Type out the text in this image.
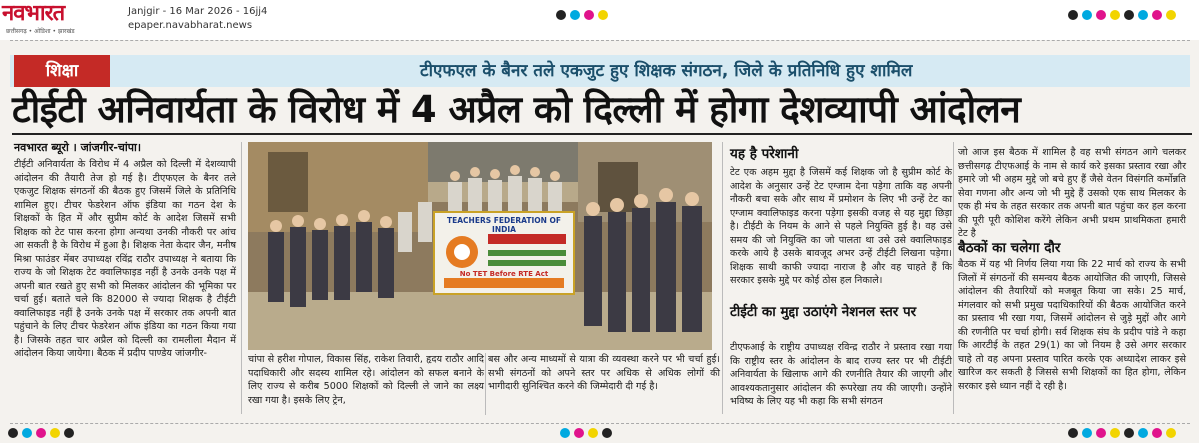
नवभारत
छत्तीसगढ़ • ओडिशा • झारखंड
Janjgir - 16 Mar 2026 - 16jj4
epaper.navabharat.news
शिक्षा	टीएफएल के बैनर तले एकजुट हुए शिक्षक संगठन, जिले के प्रतिनिधि हुए शामिल
टीईटी अनिवार्यता के विरोध में 4 अप्रैल को दिल्ली में होगा देशव्यापी आंदोलन
नवभारत ब्यूरो । जांजगीर-चांपा।
टीईटी अनिवार्यता के विरोध में 4 अप्रैल को दिल्ली में देशव्यापी आंदोलन की तैयारी तेज हो गई है। टीएफएल के बैनर तले एकजुट शिक्षक संगठनों की बैठक हुए जिसमें जिले के प्रतिनिधि शामिल हुए। टीचर फेडरेशन ऑफ इंडिया का गठन देश के शिक्षकों के हित में और सुप्रीम कोर्ट के आदेश जिसमें सभी शिक्षक को टेट पास करना होगा अन्यथा उनकी नौकरी पर आंच आ सकती है के विरोध में हुआ है। शिक्षक नेता केदार जैन, मनीष मिश्रा फाउंडर मेंबर उपाध्यक्ष रविंद्र राठौर उपाध्यक्ष ने बताया कि राज्य के जो शिक्षक टेट क्वालिफाइड नहीं है उनके उनके पक्ष में अपनी बात रखते हुए सभी को मिलकर आंदोलन की भूमिका पर चर्चा हुई। बताते चले कि 82000 से ज्यादा शिक्षक है टीईटी क्वालिफाइड नहीं है उनके उनके पक्ष में सरकार तक अपनी बात पहुंचाने के लिए टीचर फेडरेशन ऑफ इंडिया का गठन किया गया है। जिसके तहत चार अप्रैल को दिल्ली का रामलीला मैदान में आंदोलन किया जायेगा। बैठक में प्रदीप पाण्डेय जांजगीर-
TEACHERS FEDERATION OF INDIA
No TET Before RTE Act
चांपा से हरीश गोपाल, विकास सिंह, राकेश तिवारी, हृदय राठौर आदि पदाधिकारी और सदस्य शामिल रहे। आंदोलन को सफल बनाने के लिए राज्य से करीब 5000 शिक्षकों को दिल्ली ले जाने का लक्ष्य रखा गया है। इसके लिए ट्रेन,
बस और अन्य माध्यमों से यात्रा की व्यवस्था करने पर भी चर्चा हुई। सभी संगठनों को अपने स्तर पर अधिक से अधिक लोगों की भागीदारी सुनिश्चित करने की जिम्मेदारी दी गई है।
यह है परेशानी
टेट एक अहम मुद्दा है जिसमें कई शिक्षक जो है सुप्रीम कोर्ट के आदेश के अनुसार उन्हें टेट एग्जाम देना पड़ेगा ताकि वह अपनी नौकरी बचा सके और साथ में प्रमोशन के लिए भी उन्हें टेट का एग्जाम क्वालिफाइड करना पड़ेगा इसकी वजह से यह मुद्दा छिड़ा है। टीईटी के नियम के आने से पहले नियुक्ति हुई है। वह उसे समय की जो नियुक्ति का जो पालता था उसे उसे क्वालिफाइड करके आये है उसके बावजूद अभर उन्हें टीईटी लिखना पड़ेगा। शिक्षक साथी काफी ज्यादा नाराज है और वह चाहते हैं कि सरकार इसके मुद्दे पर कोई ठोस हल निकाले।
टीईटी का मुद्दा उठाएंगे नेशनल स्तर पर
टीएफआई के राष्ट्रीय उपाध्यक्ष रविन्द्र राठौर ने प्रस्ताव रखा गया कि राष्ट्रीय स्तर के आंदोलन के बाद राज्य स्तर पर भी टीईटी अनिवार्यता के खिलाफ आगे की रणनीति तैयार की जाएगी और आवश्यकतानुसार आंदोलन की रूपरेखा तय की जाएगी। उन्होंने भविष्य के लिए यह भी कहा कि सभी संगठन
जो आज इस बैठक में शामिल है वह सभी संगठन आगे चलकर छत्तीसगढ़ टीएफआई के नाम से कार्य करे इसका प्रस्ताव रखा और हमारे जो भी अहम मुद्दे जो बचे हुए हैं जैसे वेतन विसंगति कर्मोन्नति सेवा गणना और अन्य जो भी मुद्दे हैं उसको एक साथ मिलकर के एक ही मंच के तहत सरकार तक अपनी बात पहुंचा कर हल करना की पूरी पूरी कोशिश करेंगे लेकिन अभी प्रथम प्राथमिकता हमारी टेट है
बैठकों का चलेगा दौर
बैठक में यह भी निर्णय लिया गया कि 22 मार्च को राज्य के सभी जिलों में संगठनों की समन्वय बैठक आयोजित की जाएगी, जिससे आंदोलन की तैयारियों को मजबूत किया जा सके। 25 मार्च, मंगलवार को सभी प्रमुख पदाधिकारियों की बैठक आयोजित करने का प्रस्ताव भी रखा गया, जिसमें आंदोलन से जुड़े मुद्दों और आगे की रणनीति पर चर्चा होगी। सर्व शिक्षक संघ के प्रदीप पांडे ने कहा कि आरटीई के तहत 29(1) का जो नियम है उसे अगर सरकार चाहे तो वह अपना प्रस्ताव पारित करके एक अध्यादेश लाकर इसे खारिज कर सकती है जिससे सभी शिक्षकों का हित होगा, लेकिन सरकार इसे ध्यान नहीं दे रही है।
